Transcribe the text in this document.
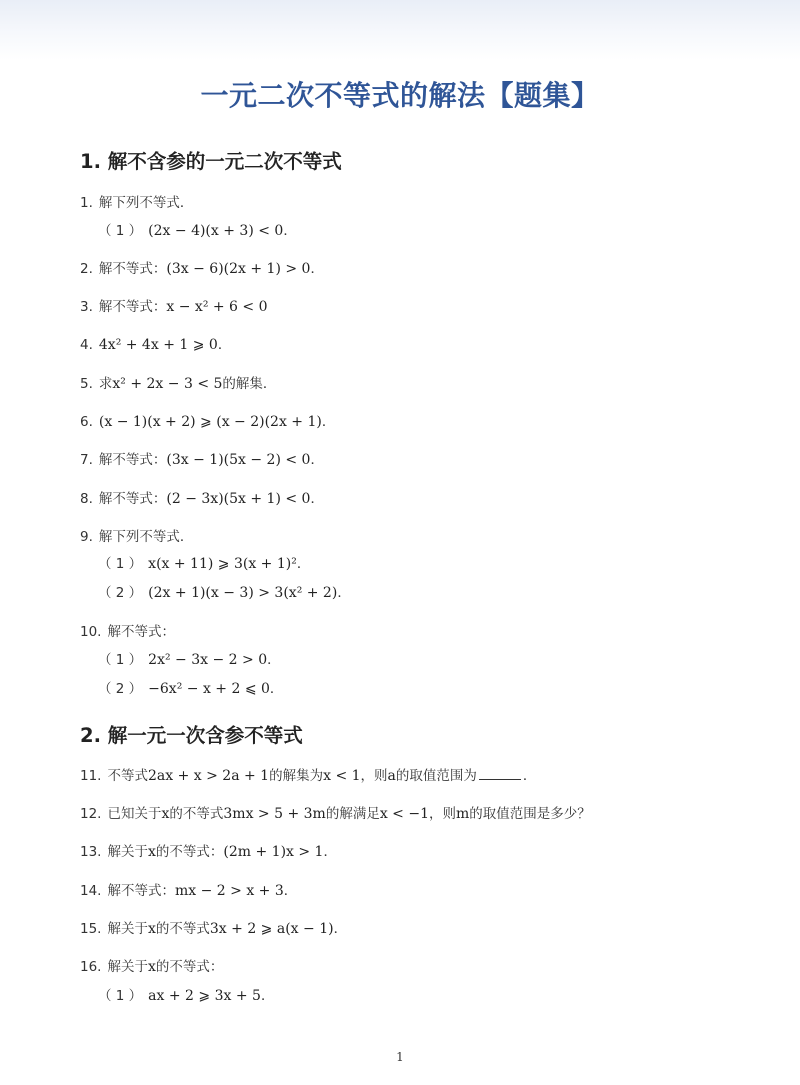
一元二次不等式的解法【题集】
1. 解不含参的一元二次不等式
2. 解一元一次含参不等式
1. 解下列不等式．
（ 1 ） (2x − 4)(x + 3) < 0．
2. 解不等式：(3x − 6)(2x + 1) > 0．
3. 解不等式：x − x² + 6 < 0
4. 4x² + 4x + 1 ⩾ 0．
5. 求x² + 2x − 3 < 5的解集．
6. (x − 1)(x + 2) ⩾ (x − 2)(2x + 1)．
7. 解不等式：(3x − 1)(5x − 2) < 0．
8. 解不等式：(2 − 3x)(5x + 1) < 0．
9. 解下列不等式．
（ 1 ） x(x + 11) ⩾ 3(x + 1)²．
（ 2 ） (2x + 1)(x − 3) > 3(x² + 2)．
10. 解不等式：
（ 1 ） 2x² − 3x − 2 > 0．
（ 2 ） −6x² − x + 2 ⩽ 0．
11. 不等式2ax + x > 2a + 1的解集为x < 1，则a的取值范围为	．
12. 已知关于x的不等式3mx > 5 + 3m的解满足x < −1，则m的取值范围是多少？
13. 解关于x的不等式：(2m + 1)x > 1．
14. 解不等式：mx − 2 > x + 3．
15. 解关于x的不等式3x + 2 ⩾ a(x − 1)．
16. 解关于x的不等式：
（ 1 ） ax + 2 ⩾ 3x + 5．
1
